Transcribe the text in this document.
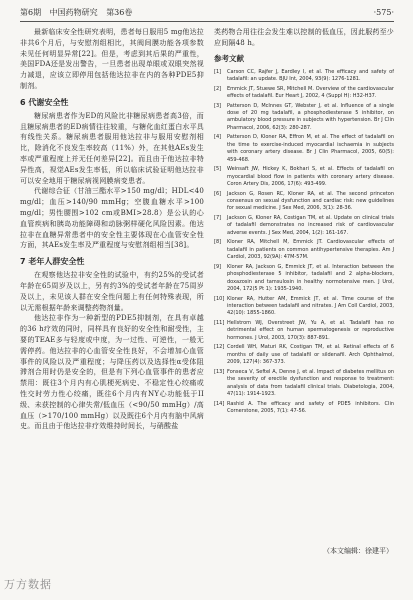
第6期 中国药物研究 第36卷	·575·

最新临床安全性研究表明，患者每日服用5 mg他达拉非共6个月后，与安慰剂组相比，其阀间膜功能各项参数未见任何明显异常[22]。但是，考虑到其后果的严重性，美国FDA还是发出警告，一旦患者出现单眼或双眼突然视力减退，应该立即停用包括他达拉非在内的各种PDE5抑制剂。

6 代谢安全性

糖尿病患者作为ED的风险比非糖尿病患者高3倍，而且糖尿病患者的ED病情往往较重，与糖化血红蛋白水平具有线性关系。糖尿病患者服用他达拉非与服用安慰剂相比，除消化不良发生率较高（11%）外，在其他AEs发生率或严重程度上并无任何差异[22]。而且由于他达拉非特异性高，视觉AEs发生率低，所以临床试验证明他达拉非可以安全地用于糖尿病视网膜病变患者。

代谢综合征（甘油三酯水平>150 mg/dl；HDL<40 mg/dl；血压>140/90 mmHg；空腹血糖水平>100 mg/dl；男性腰围>102 cm或BMI>28.8）是公认的心血管疾病和胰岛功能障碍和动脉粥样硬化风险因素。他达拉非在血糖异常患者中的安全性主要体现在心血管安全性方面，其AEs发生率及严重程度与安慰剂组相当[38]。

7 老年人群安全性

在观察他达拉非安全性的试验中，有约25%的受试者年龄在65周岁及以上，另有约3%的受试者年龄在75周岁及以上，未见该人群在安全性问题上有任何特殊表现，所以无需根据年龄来调整药物剂量。

他达拉非作为一种新型的PDE5抑制剂，在具有卓越的36 h疗效的同时，同样具有良好的安全性和耐受性，主要的TEAE多与轻度或中度，为一过性、可逆性，一般无需停药。他达拉非的心血管安全性良好，不会增加心血管事件的风险以及严重程度；与降压药以及选择性α受体阻滞剂合用时仍是安全的，但是有下列心血管事件的患者应禁用：既往3个月内有心肌梗死病史、不稳定性心绞痛或性交时劳力性心绞痛，既往6个月内有NY心功能低于II级、未获控制的心律失常/低血压（<90/50 mmHg）/高血压（>170/100 mmHg）以及既往6个月内有脑中风病史。而且由于他达拉非疗效维持时间长，与硝酸盐

类药物合用往往会发生难以控制的低血压，因此服药至少应间隔48 h。

参考文献
[1]	Carson CC, Rajfer J, Eardley I, et al. The efficacy and safety of tadalafil: an update. BJU Int, 2004, 93(9): 1276-1281.
[2]	Emmick JT, Stuewe SR, Mitchell M. Overview of the cardiovascular effects of tadalafil. Eur Heart J, 2002, 4 (Suppl H): H32-H37.
[3]	Patterson D, McInnes GT, Webster J, et al. Influence of a single dose of 20 mg tadalafil, a phosphodiesterase 5 inhibitor, on ambulatory blood pressure in subjects with hypertension. Br J Clin Pharmacol, 2006, 62(3): 280-287.
[4]	Patterson D, Kloner RA, Effron M, et al. The effect of tadalafil on the time to exercise-induced myocardial ischaemia in subjects with coronary artery disease. Br J Clin Pharmacol, 2005, 60(5): 459-468.
[5]	Weinsaft JW, Hickey K, Bokhari S, et al. Effects of tadalafil on myocardial blood flow in patients with coronary artery disease. Coron Artery Dis, 2006, 17(6): 493-499.
[6]	Jackson G, Rosen RC, Kloner RA, et al. The second princeton consensus on sexual dysfunction and cardiac risk: new guidelines for sexual medicine. J Sex Med, 2006, 3(1): 28-36.
[7]	Jackson G, Kloner RA, Costigan TM, et al. Update on clinical trials of tadalafil demonstrates no increased risk of cardiovascular adverse events. J Sex Med, 2004, 1(2): 161-167.
[8]	Kloner RA, Mitchell M, Emmick JT. Cardiovascular effects of tadalafil in patients on common antihypertensive therapies. Am J Cardiol, 2003, 92(9A): 47M-57M.
[9]	Kloner RA, Jackson G, Emmick JT, et al. Interaction between the phosphodiesterase 5 inhibitor, tadalafil and 2 alpha-blockers, doxazosin and tamsulosin in healthy normotensive men. J Urol, 2004, 172(5 Pt 1): 1935-1940.
[10] Kloner RA, Hutter AM, Emmick JT, et al. Time course of the interaction between tadalafil and nitrates. J Am Coll Cardiol, 2003, 42(10): 1855-1860.
[11] Hellstrom WJ, Overstreet JW, Yu A, et al. Tadalafil has no detrimental effect on human spermatogenesis or reproductive hormones. J Urol, 2003, 170(3): 887-891.
[12] Cordell WH, Maturi RK, Costigan TM, et al. Retinal effects of 6 months of daily use of tadalafil or sildenafil. Arch Ophthalmol, 2009, 127(4): 367-373.
[13] Fonseca V, Seftel A, Denne J, et al. Impact of diabetes mellitus on the severity of erectile dysfunction and response to treatment: analysis of data from tadalafil clinical trials. Diabetologia, 2004, 47(11): 1914-1923.
[14] Rashid A. The efficacy and safety of PDE5 inhibitors. Clin Cornerstone, 2005, 7(1): 47-56.
（本文编辑：徐建平）
万方数据
